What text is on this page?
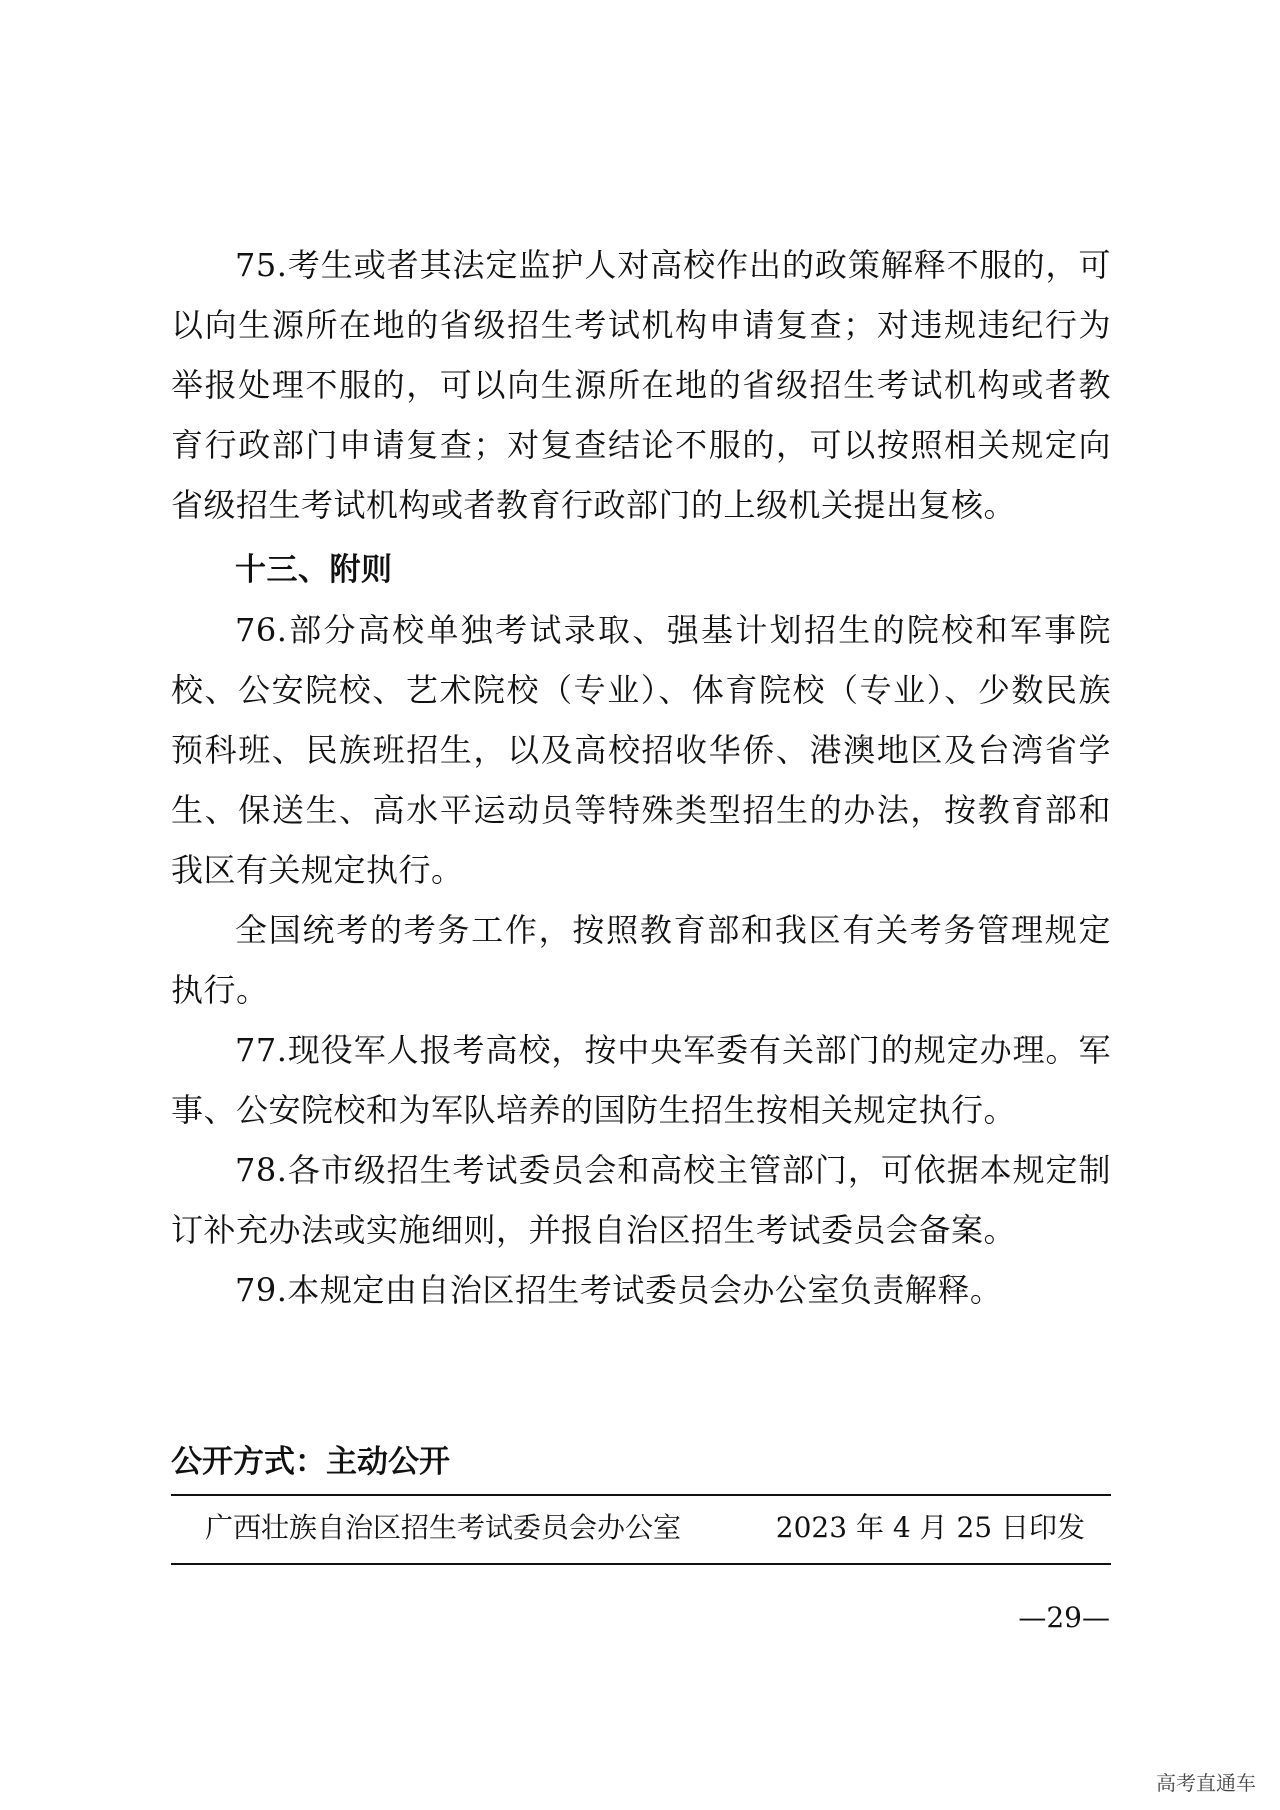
75.考生或者其法定监护人对高校作出的政策解释不服的，可以向生源所在地的省级招生考试机构申请复查；对违规违纪行为举报处理不服的，可以向生源所在地的省级招生考试机构或者教育行政部门申请复查；对复查结论不服的，可以按照相关规定向省级招生考试机构或者教育行政部门的上级机关提出复核。

十三、附则

76.部分高校单独考试录取、强基计划招生的院校和军事院校、公安院校、艺术院校（专业）、体育院校（专业）、少数民族预科班、民族班招生，以及高校招收华侨、港澳地区及台湾省学生、保送生、高水平运动员等特殊类型招生的办法，按教育部和我区有关规定执行。

全国统考的考务工作，按照教育部和我区有关考务管理规定执行。

77.现役军人报考高校，按中央军委有关部门的规定办理。军事、公安院校和为军队培养的国防生招生按相关规定执行。

78.各市级招生考试委员会和高校主管部门，可依据本规定制订补充办法或实施细则，并报自治区招生考试委员会备案。

79.本规定由自治区招生考试委员会办公室负责解释。

公开方式：主动公开
广西壮族自治区招生考试委员会办公室	2023 年 4 月 25 日印发
—29—
高考直通车
